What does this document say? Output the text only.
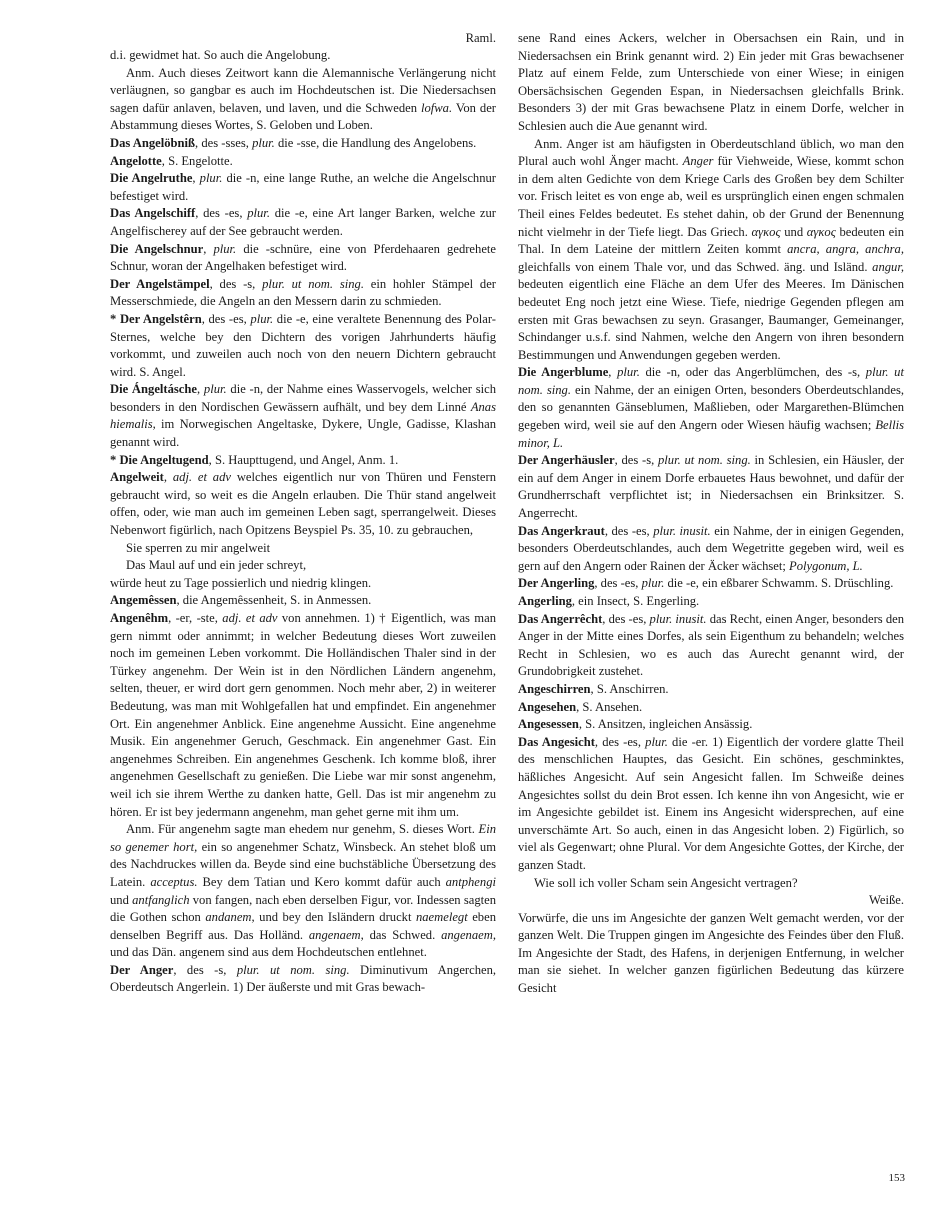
Raml.

d.i. gewidmet hat. So auch die Angelobung.

Anm. Auch dieses Zeitwort kann die Alemannische Verlängerung nicht verläugnen, so gangbar es auch im Hochdeutschen ist. Die Niedersachsen sagen dafür anlaven, belaven, und laven, und die Schweden lofwa. Von der Abstammung dieses Wortes, S. Geloben und Loben.

Das Angelöbniß, des -sses, plur. die -sse, die Handlung des Angelobens.

Angelotte, S. Engelotte.

Die Angelruthe, plur. die -n, eine lange Ruthe, an welche die Angelschnur befestiget wird.

Das Angelschiff, des -es, plur. die -e, eine Art langer Barken, welche zur Angelfischerey auf der See gebraucht werden.

Die Angelschnur, plur. die -schnüre, eine von Pferdehaaren gedrehete Schnur, woran der Angelhaken befestiget wird.

Der Angelstämpel, des -s, plur. ut nom. sing. ein hohler Stämpel der Messerschmiede, die Angeln an den Messern darin zu schmieden.

* Der Angelstêrn, des -es, plur. die -e, eine veraltete Benennung des Polar-Sternes, welche bey den Dichtern des vorigen Jahrhunderts häufig vorkommt, und zuweilen auch noch von den neuern Dichtern gebraucht wird. S. Angel.

Die Ángeltásche, plur. die -n, der Nahme eines Wasservogels, welcher sich besonders in den Nordischen Gewässern aufhält, und bey dem Linné Anas hiemalis, im Norwegischen Angeltaske, Dykere, Ungle, Gadisse, Klashan genannt wird.

* Die Angeltugend, S. Haupttugend, und Angel, Anm. 1.

Angelweit, adj. et adv welches eigentlich nur von Thüren und Fenstern gebraucht wird, so weit es die Angeln erlauben. Die Thür stand angelweit offen, oder, wie man auch im gemeinen Leben sagt, sperrangelweit. Dieses Nebenwort figürlich, nach Opitzens Beyspiel Ps. 35, 10. zu gebrauchen,

Sie sperren zu mir angelweit

Das Maul auf und ein jeder schreyt,

würde heut zu Tage possierlich und niedrig klingen.

Angemêssen, die Angemêssenheit, S. in Anmessen.

Angenêhm, -er, -ste, adj. et adv von annehmen. 1) † Eigentlich, was man gern nimmt oder annimmt; in welcher Bedeutung dieses Wort zuweilen noch im gemeinen Leben vorkommt. Die Holländischen Thaler sind in der Türkey angenehm. Der Wein ist in den Nördlichen Ländern angenehm, selten, theuer, er wird dort gern genommen. Noch mehr aber, 2) in weiterer Bedeutung, was man mit Wohlgefallen hat und empfindet. Ein angenehmer Ort. Ein angenehmer Anblick. Eine angenehme Aussicht. Eine angenehme Musik. Ein angenehmer Geruch, Geschmack. Ein angenehmer Gast. Ein angenehmes Schreiben. Ein angenehmes Geschenk. Ich komme bloß, ihrer angenehmen Gesellschaft zu genießen. Die Liebe war mir sonst angenehm, weil ich sie ihrem Werthe zu danken hatte, Gell. Das ist mir angenehm zu hören. Er ist bey jedermann angenehm, man gehet gerne mit ihm um.

Anm. Für angenehm sagte man ehedem nur genehm, S. dieses Wort. Ein so genemer hort, ein so angenehmer Schatz, Winsbeck. An stehet bloß um des Nachdruckes willen da. Beyde sind eine buchstäbliche Übersetzung des Latein. acceptus. Bey dem Tatian und Kero kommt dafür auch antphengi und antfanglich von fangen, nach eben derselben Figur, vor. Indessen sagten die Gothen schon andanem, und bey den Isländern druckt naemelegt eben denselben Begriff aus. Das Holländ. angenaem, das Schwed. angenaem, und das Dän. angenem sind aus dem Hochdeutschen entlehnet.

Der Anger, des -s, plur. ut nom. sing. Diminutivum Angerchen, Oberdeutsch Angerlein. 1) Der äußerste und mit Gras bewach-

sene Rand eines Ackers, welcher in Obersachsen ein Rain, und in Niedersachsen ein Brink genannt wird. 2) Ein jeder mit Gras bewachsener Platz auf einem Felde, zum Unterschiede von einer Wiese; in einigen Obersächsischen Gegenden Espan, in Niedersachsen gleichfalls Brink. Besonders 3) der mit Gras bewachsene Platz in einem Dorfe, welcher in Schlesien auch die Aue genannt wird.

Anm. Anger ist am häufigsten in Oberdeutschland üblich, wo man den Plural auch wohl Änger macht. Anger für Viehweide, Wiese, kommt schon in dem alten Gedichte von dem Kriege Carls des Großen bey dem Schilter vor. Frisch leitet es von enge ab, weil es ursprünglich einen engen schmalen Theil eines Feldes bedeutet. Es stehet dahin, ob der Grund der Benennung nicht vielmehr in der Tiefe liegt. Das Griech. αγκος und αγκος bedeuten ein Thal. In dem Lateine der mittlern Zeiten kommt ancra, angra, anchra, gleichfalls von einem Thale vor, und das Schwed. äng. und Isländ. angur, bedeuten eigentlich eine Fläche an dem Ufer des Meeres. Im Dänischen bedeutet Eng noch jetzt eine Wiese. Tiefe, niedrige Gegenden pflegen am ersten mit Gras bewachsen zu seyn. Grasanger, Baumanger, Gemeinanger, Schindanger u.s.f. sind Nahmen, welche den Angern von ihren besondern Bestimmungen und Anwendungen gegeben werden.

Die Angerblume, plur. die -n, oder das Angerblümchen, des -s, plur. ut nom. sing. ein Nahme, der an einigen Orten, besonders Oberdeutschlandes, den so genannten Gänseblumen, Maßlieben, oder Margarethen-Blümchen gegeben wird, weil sie auf den Angern oder Wiesen häufig wachsen; Bellis minor, L.

Der Angerhäusler, des -s, plur. ut nom. sing. in Schlesien, ein Häusler, der ein auf dem Anger in einem Dorfe erbauetes Haus bewohnet, und dafür der Grundherrschaft verpflichtet ist; in Niedersachsen ein Brinksitzer. S. Angerrecht.

Das Angerkraut, des -es, plur. inusit. ein Nahme, der in einigen Gegenden, besonders Oberdeutschlandes, auch dem Wegetritte gegeben wird, weil es gern auf den Angern oder Rainen der Äcker wächset; Polygonum, L.

Der Angerling, des -es, plur. die -e, ein eßbarer Schwamm. S. Drüschling.

Angerling, ein Insect, S. Engerling.

Das Angerrêcht, des -es, plur. inusit. das Recht, einen Anger, besonders den Anger in der Mitte eines Dorfes, als sein Eigenthum zu behandeln; welches Recht in Schlesien, wo es auch das Aurecht genannt wird, der Grundobrigkeit zustehet.

Angeschirren, S. Anschirren.

Angesehen, S. Ansehen.

Angesessen, S. Ansitzen, ingleichen Ansässig.

Das Angesicht, des -es, plur. die -er. 1) Eigentlich der vordere glatte Theil des menschlichen Hauptes, das Gesicht. Ein schönes, geschminktes, häßliches Angesicht. Auf sein Angesicht fallen. Im Schweiße deines Angesichtes sollst du dein Brot essen. Ich kenne ihn von Angesicht, wie er im Angesichte gebildet ist. Einem ins Angesicht widersprechen, auf eine unverschämte Art. So auch, einen in das Angesicht loben. 2) Figürlich, so viel als Gegenwart; ohne Plural. Vor dem Angesichte Gottes, der Kirche, der ganzen Stadt.

Wie soll ich voller Scham sein Angesicht vertragen?

Weiße.

Vorwürfe, die uns im Angesichte der ganzen Welt gemacht werden, vor der ganzen Welt. Die Truppen gingen im Angesichte des Feindes über den Fluß. Im Angesichte der Stadt, des Hafens, in derjenigen Entfernung, in welcher man sie siehet. In welcher ganzen figürlichen Bedeutung das kürzere Gesicht

153
